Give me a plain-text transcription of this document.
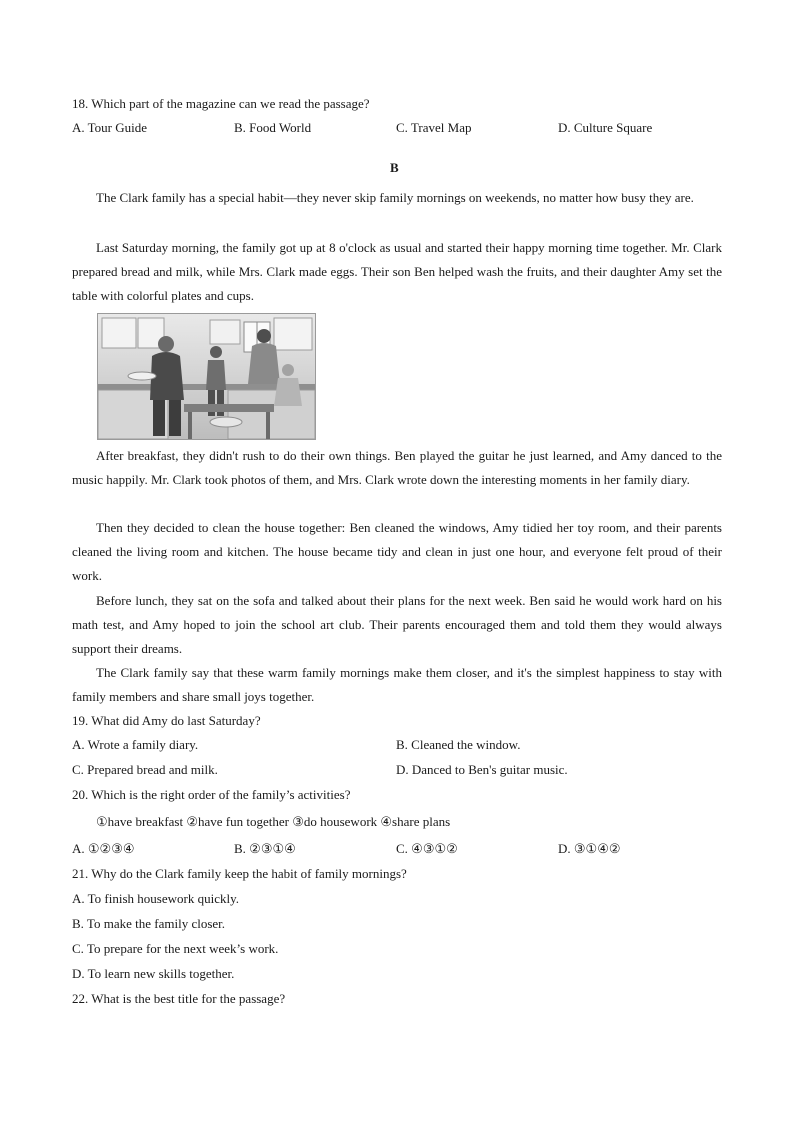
18. Which part of the magazine can we read the passage?
A. Tour Guide	B. Food World	C. Travel Map	D. Culture Square
B
The Clark family has a special habit—they never skip family mornings on weekends, no matter how busy they are.
Last Saturday morning, the family got up at 8 o'clock as usual and started their happy morning time together. Mr. Clark prepared bread and milk, while Mrs. Clark made eggs. Their son Ben helped wash the fruits, and their daughter Amy set the table with colorful plates and cups.
After breakfast, they didn't rush to do their own things. Ben played the guitar he just learned, and Amy danced to the music happily. Mr. Clark took photos of them, and Mrs. Clark wrote down the interesting moments in her family diary.
Then they decided to clean the house together: Ben cleaned the windows, Amy tidied her toy room, and their parents cleaned the living room and kitchen. The house became tidy and clean in just one hour, and everyone felt proud of their work.
Before lunch, they sat on the sofa and talked about their plans for the next week. Ben said he would work hard on his math test, and Amy hoped to join the school art club. Their parents encouraged them and told them they would always support their dreams.
The Clark family say that these warm family mornings make them closer, and it's the simplest happiness to stay with family members and share small joys together.
19. What did Amy do last Saturday?
A. Wrote a family diary.	B. Cleaned the window.
C. Prepared bread and milk.	D. Danced to Ben's guitar music.
20. Which is the right order of the family’s activities?
①have breakfast ②have fun together ③do housework ④share plans
A. ①②③④	B. ②③①④	C. ④③①②	D. ③①④②
21. Why do the Clark family keep the habit of family mornings?
A. To finish housework quickly.
B. To make the family closer.
C. To prepare for the next week’s work.
D. To learn new skills together.
22. What is the best title for the passage?
